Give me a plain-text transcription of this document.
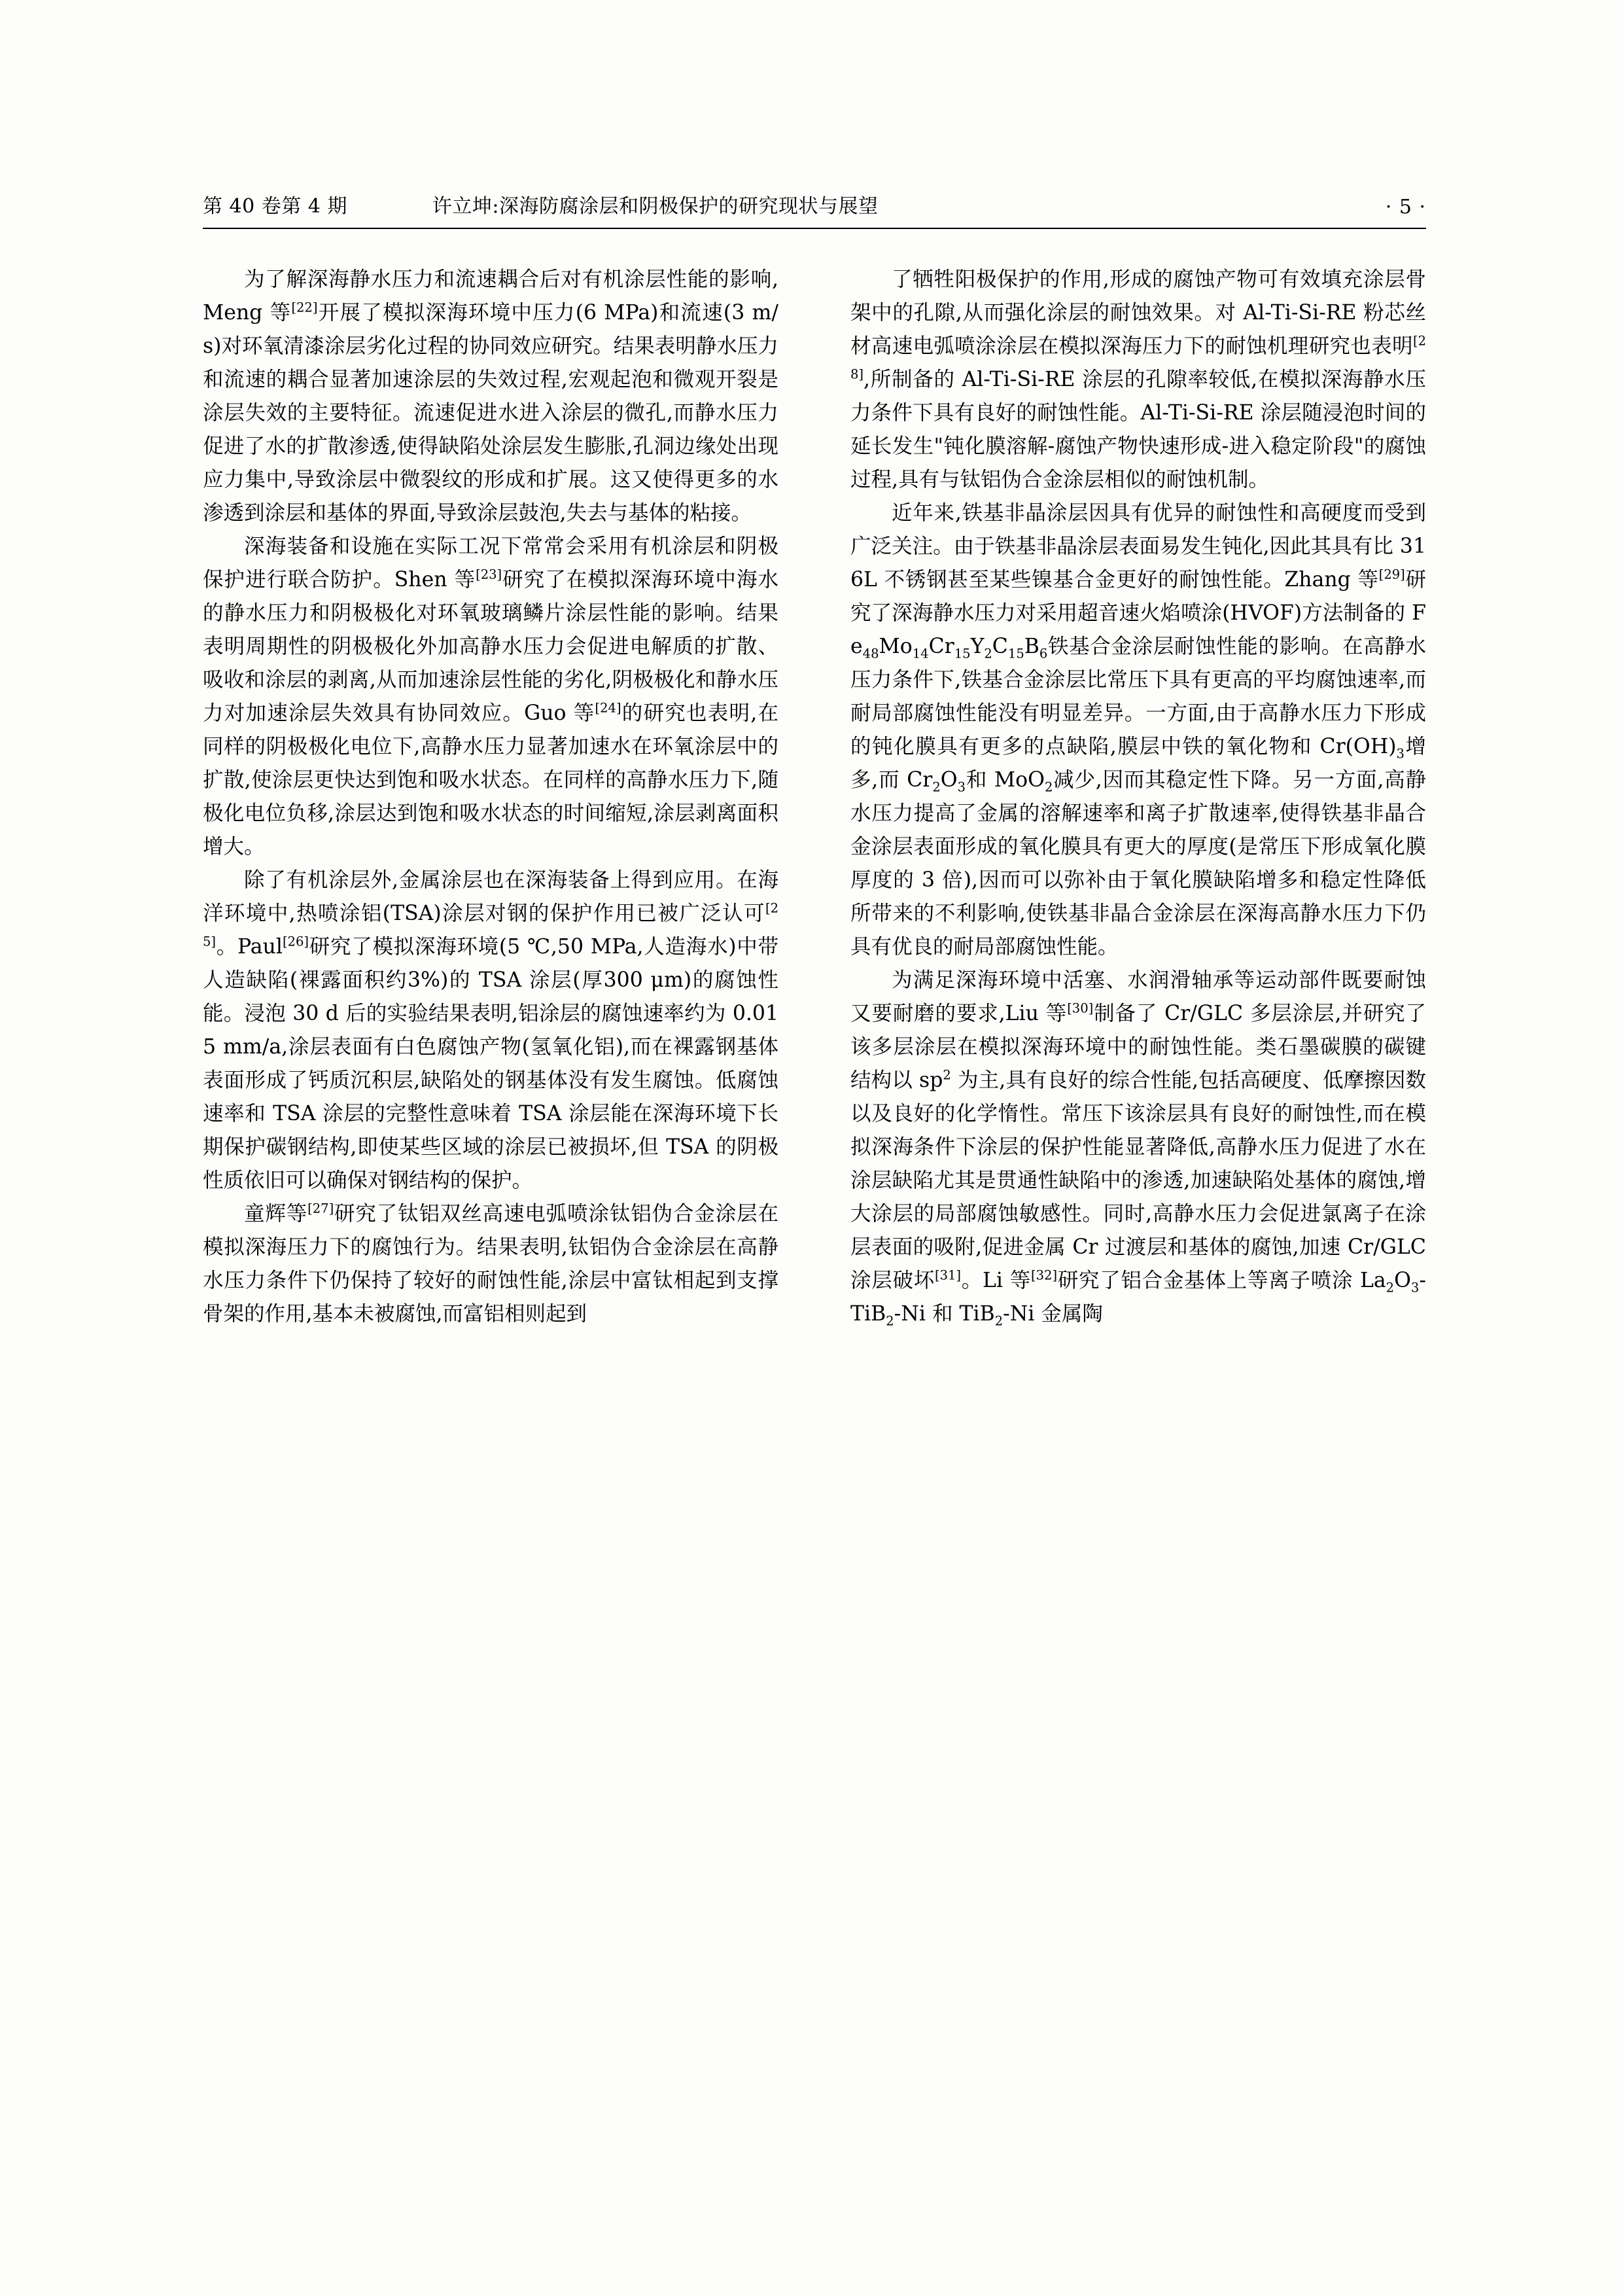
第 40 卷第 4 期	许立坤:深海防腐涂层和阴极保护的研究现状与展望	· 5 ·

为了解深海静水压力和流速耦合后对有机涂层性能的影响,Meng 等[22]开展了模拟深海环境中压力(6 MPa)和流速(3 m/s)对环氧清漆涂层劣化过程的协同效应研究。结果表明静水压力和流速的耦合显著加速涂层的失效过程,宏观起泡和微观开裂是涂层失效的主要特征。流速促进水进入涂层的微孔,而静水压力促进了水的扩散渗透,使得缺陷处涂层发生膨胀,孔洞边缘处出现应力集中,导致涂层中微裂纹的形成和扩展。这又使得更多的水渗透到涂层和基体的界面,导致涂层鼓泡,失去与基体的粘接。

深海装备和设施在实际工况下常常会采用有机涂层和阴极保护进行联合防护。Shen 等[23]研究了在模拟深海环境中海水的静水压力和阴极极化对环氧玻璃鳞片涂层性能的影响。结果表明周期性的阴极极化外加高静水压力会促进电解质的扩散、吸收和涂层的剥离,从而加速涂层性能的劣化,阴极极化和静水压力对加速涂层失效具有协同效应。Guo 等[24]的研究也表明,在同样的阴极极化电位下,高静水压力显著加速水在环氧涂层中的扩散,使涂层更快达到饱和吸水状态。在同样的高静水压力下,随极化电位负移,涂层达到饱和吸水状态的时间缩短,涂层剥离面积增大。

除了有机涂层外,金属涂层也在深海装备上得到应用。在海洋环境中,热喷涂铝(TSA)涂层对钢的保护作用已被广泛认可[25]。Paul[26]研究了模拟深海环境(5 ℃,50 MPa,人造海水)中带人造缺陷(裸露面积约3%)的 TSA 涂层(厚300 μm)的腐蚀性能。浸泡 30 d 后的实验结果表明,铝涂层的腐蚀速率约为 0.015 mm/a,涂层表面有白色腐蚀产物(氢氧化铝),而在裸露钢基体表面形成了钙质沉积层,缺陷处的钢基体没有发生腐蚀。低腐蚀速率和 TSA 涂层的完整性意味着 TSA 涂层能在深海环境下长期保护碳钢结构,即使某些区域的涂层已被损坏,但 TSA 的阴极性质依旧可以确保对钢结构的保护。

童辉等[27]研究了钛铝双丝高速电弧喷涂钛铝伪合金涂层在模拟深海压力下的腐蚀行为。结果表明,钛铝伪合金涂层在高静水压力条件下仍保持了较好的耐蚀性能,涂层中富钛相起到支撑骨架的作用,基本未被腐蚀,而富铝相则起到

了牺牲阳极保护的作用,形成的腐蚀产物可有效填充涂层骨架中的孔隙,从而强化涂层的耐蚀效果。对 Al-Ti-Si-RE 粉芯丝材高速电弧喷涂涂层在模拟深海压力下的耐蚀机理研究也表明[28],所制备的 Al-Ti-Si-RE 涂层的孔隙率较低,在模拟深海静水压力条件下具有良好的耐蚀性能。Al-Ti-Si-RE 涂层随浸泡时间的延长发生"钝化膜溶解-腐蚀产物快速形成-进入稳定阶段"的腐蚀过程,具有与钛铝伪合金涂层相似的耐蚀机制。

近年来,铁基非晶涂层因具有优异的耐蚀性和高硬度而受到广泛关注。由于铁基非晶涂层表面易发生钝化,因此其具有比 316L 不锈钢甚至某些镍基合金更好的耐蚀性能。Zhang 等[29]研究了深海静水压力对采用超音速火焰喷涂(HVOF)方法制备的 $Fe_{48}Mo_{14}Cr_{15}Y_2C_{15}B_6$铁基合金涂层耐蚀性能的影响。在高静水压力条件下,铁基合金涂层比常压下具有更高的平均腐蚀速率,而耐局部腐蚀性能没有明显差异。一方面,由于高静水压力下形成的钝化膜具有更多的点缺陷,膜层中铁的氧化物和 $Cr(OH)_3$增多,而 $Cr_2O_3$和 MoO$_2$减少,因而其稳定性下降。另一方面,高静水压力提高了金属的溶解速率和离子扩散速率,使得铁基非晶合金涂层表面形成的氧化膜具有更大的厚度(是常压下形成氧化膜厚度的 3 倍),因而可以弥补由于氧化膜缺陷增多和稳定性降低所带来的不利影响,使铁基非晶合金涂层在深海高静水压力下仍具有优良的耐局部腐蚀性能。

为满足深海环境中活塞、水润滑轴承等运动部件既要耐蚀又要耐磨的要求,Liu 等[30]制备了 Cr/GLC 多层涂层,并研究了该多层涂层在模拟深海环境中的耐蚀性能。类石墨碳膜的碳键结构以 $sp^2$ 为主,具有良好的综合性能,包括高硬度、低摩擦因数以及良好的化学惰性。常压下该涂层具有良好的耐蚀性,而在模拟深海条件下涂层的保护性能显著降低,高静水压力促进了水在涂层缺陷尤其是贯通性缺陷中的渗透,加速缺陷处基体的腐蚀,增大涂层的局部腐蚀敏感性。同时,高静水压力会促进氯离子在涂层表面的吸附,促进金属 Cr 过渡层和基体的腐蚀,加速 Cr/GLC 涂层破坏[31]。Li 等[32]研究了铝合金基体上等离子喷涂 $La_2O_3-TiB_2-Ni$ 和 TiB$_2$-Ni 金属陶
